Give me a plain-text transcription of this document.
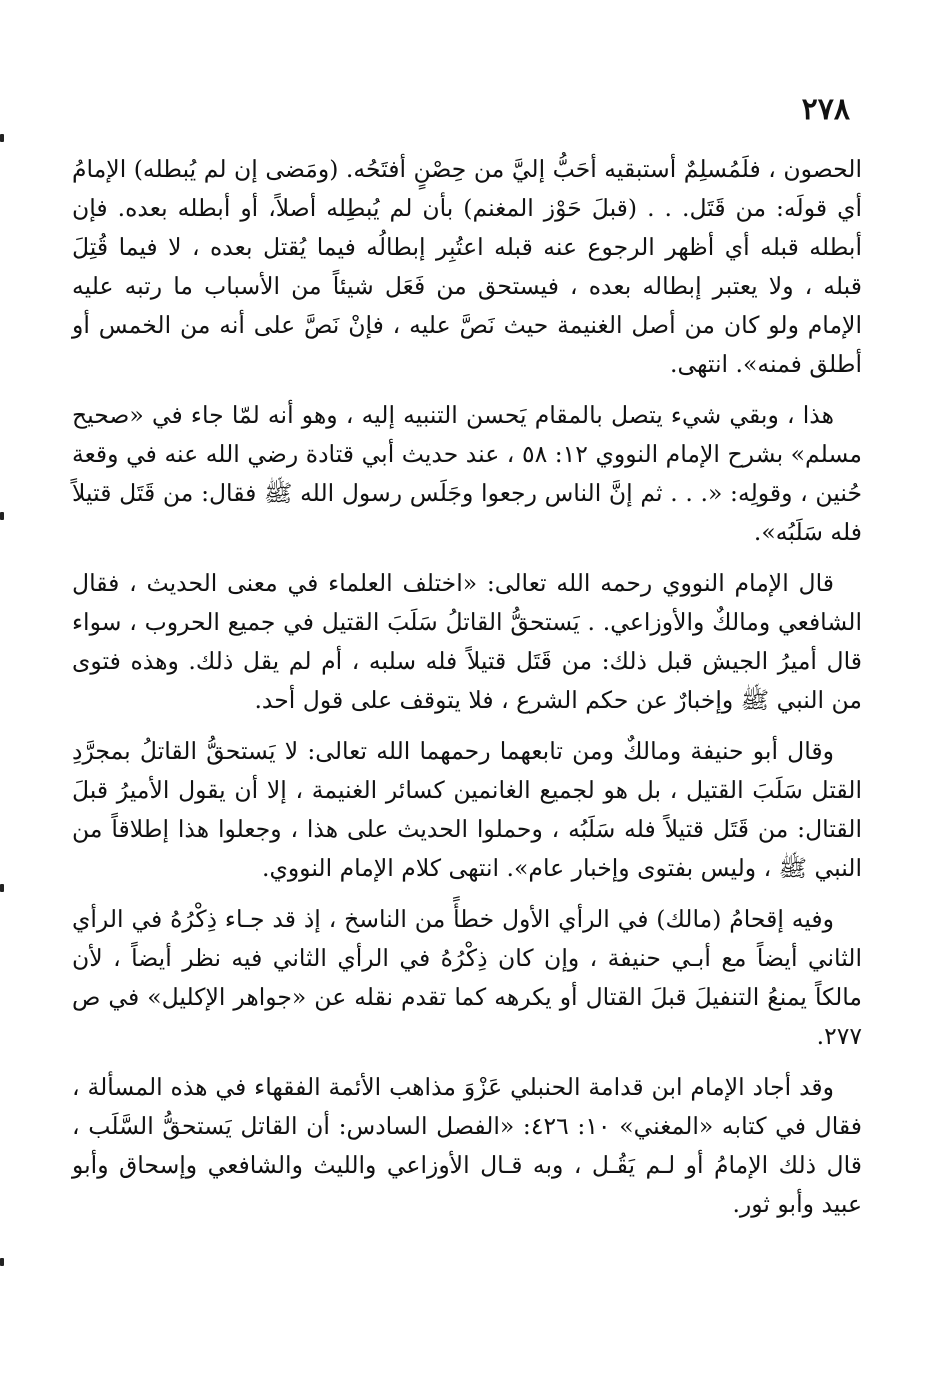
٢٧٨

الحصون ، فلَمُسلِمٌ أستبقيه أحَبُّ إليَّ من حِصْنٍ أفتَحُه. (ومَضى إن لم يُبطله) الإمامُ أي قولَه: من قَتَل. . . (قبلَ حَوْز المغنم) بأن لم يُبطِله أصلاً، أو أبطله بعده. فإن أبطله قبله أي أظهر الرجوع عنه قبله اعتُبِر إبطالُه فيما يُقتل بعده ، لا فيما قُتِلَ قبله ، ولا يعتبر إبطاله بعده ، فيستحق من فَعَل شيئاً من الأسباب ما رتبه عليه الإمام ولو كان من أصل الغنيمة حيث نَصَّ عليه ، فإنْ نَصَّ على أنه من الخمس أو أطلق فمنه». انتهى.

هذا ، وبقي شيء يتصل بالمقام يَحسن التنبيه إليه ، وهو أنه لمّا جاء في «صحيح مسلم» بشرح الإمام النووي ١٢: ٥٨ ، عند حديث أبي قتادة رضي الله عنه في وقعة حُنين ، وقولِه: «. . . ثم إنَّ الناس رجعوا وجَلَس رسول الله ﷺ فقال: من قَتَل قتيلاً فله سَلَبُه».

قال الإمام النووي رحمه الله تعالى: «اختلف العلماء في معنى الحديث ، فقال الشافعي ومالكٌ والأوزاعي. . يَستحقُّ القاتلُ سَلَبَ القتيل في جميع الحروب ، سواء قال أميرُ الجيش قبل ذلك: من قَتَل قتيلاً فله سلبه ، أم لم يقل ذلك. وهذه فتوى من النبي ﷺ وإخبارٌ عن حكم الشرع ، فلا يتوقف على قول أحد.

وقال أبو حنيفة ومالكٌ ومن تابعهما رحمهما الله تعالى: لا يَستحقُّ القاتلُ بمجرَّدِ القتل سَلَبَ القتيل ، بل هو لجميع الغانمين كسائر الغنيمة ، إلا أن يقول الأميرُ قبلَ القتال: من قَتَل قتيلاً فله سَلَبُه ، وحملوا الحديث على هذا ، وجعلوا هذا إطلاقاً من النبي ﷺ ، وليس بفتوى وإخبار عام». انتهى كلام الإمام النووي.

وفيه إقحامُ (مالك) في الرأي الأول خطأً من الناسخ ، إذ قد جـاء ذِكْرُهُ في الرأي الثاني أيضاً مع أبـي حنيفة ، وإن كان ذِكْرُهُ في الرأي الثاني فيه نظر أيضاً ، لأن مالكاً يمنعُ التنفيلَ قبلَ القتال أو يكرهه كما تقدم نقله عن «جواهر الإكليل» في ص ٢٧٧.

وقد أجاد الإمام ابن قدامة الحنبلي عَزْوَ مذاهب الأئمة الفقهاء في هذه المسألة ، فقال في كتابه «المغني» ١٠: ٤٢٦: «الفصل السادس: أن القاتل يَستحقُّ السَّلَب ، قال ذلك الإمامُ أو لـم يَقُـل ، وبه قـال الأوزاعي والليث والشافعي وإسحاق وأبو عبيد وأبو ثور.
